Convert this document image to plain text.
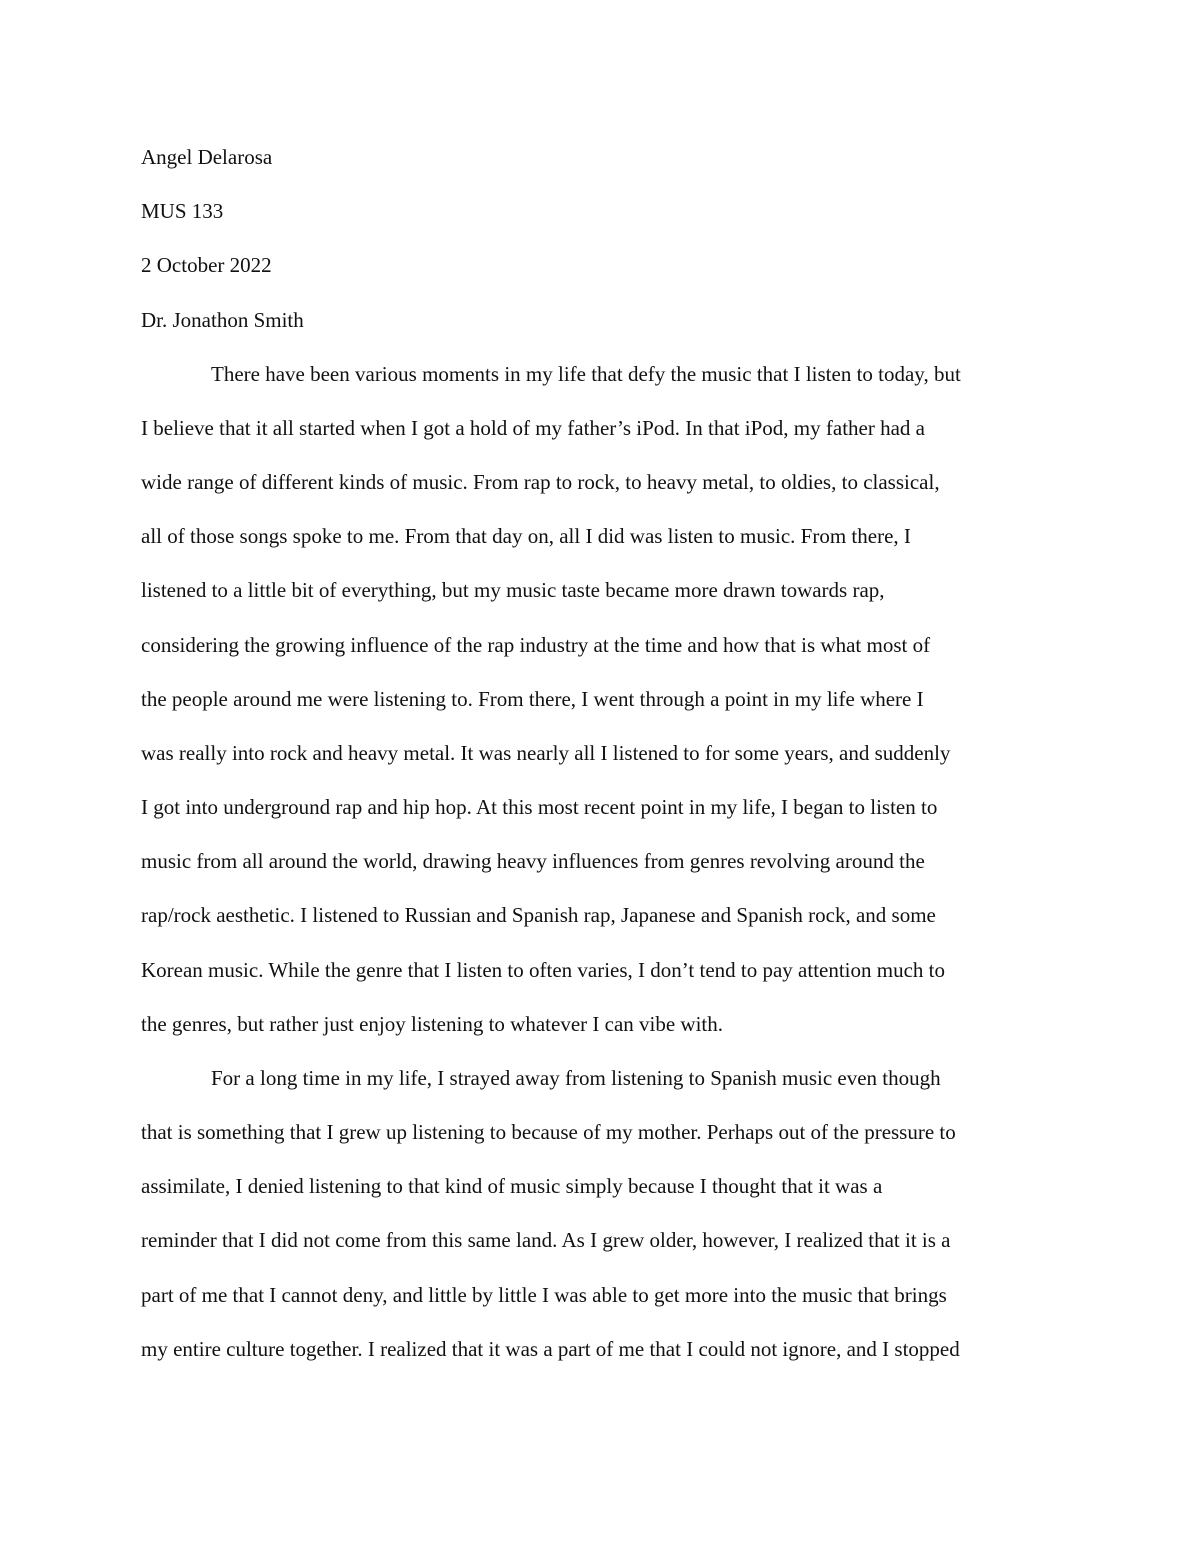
Angel Delarosa
MUS 133
2 October 2022
Dr. Jonathon Smith
There have been various moments in my life that defy the music that I listen to today, but
I believe that it all started when I got a hold of my father’s iPod. In that iPod, my father had a
wide range of different kinds of music. From rap to rock, to heavy metal, to oldies, to classical,
all of those songs spoke to me. From that day on, all I did was listen to music. From there, I
listened to a little bit of everything, but my music taste became more drawn towards rap,
considering the growing influence of the rap industry at the time and how that is what most of
the people around me were listening to. From there, I went through a point in my life where I
was really into rock and heavy metal. It was nearly all I listened to for some years, and suddenly
I got into underground rap and hip hop. At this most recent point in my life, I began to listen to
music from all around the world, drawing heavy influences from genres revolving around the
rap/rock aesthetic. I listened to Russian and Spanish rap, Japanese and Spanish rock, and some
Korean music. While the genre that I listen to often varies, I don’t tend to pay attention much to
the genres, but rather just enjoy listening to whatever I can vibe with.
For a long time in my life, I strayed away from listening to Spanish music even though
that is something that I grew up listening to because of my mother. Perhaps out of the pressure to
assimilate, I denied listening to that kind of music simply because I thought that it was a
reminder that I did not come from this same land. As I grew older, however, I realized that it is a
part of me that I cannot deny, and little by little I was able to get more into the music that brings
my entire culture together. I realized that it was a part of me that I could not ignore, and I stopped
